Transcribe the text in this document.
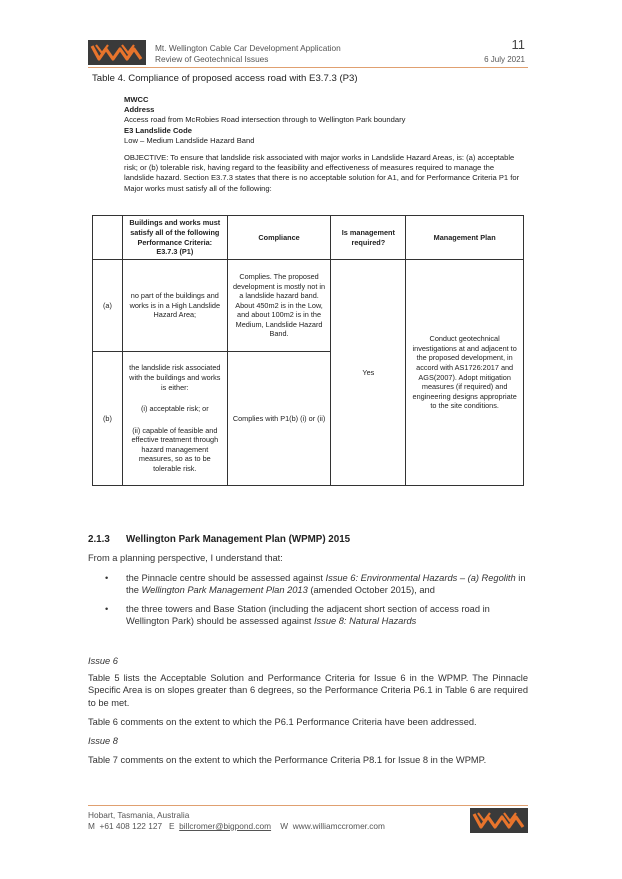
Mt. Wellington Cable Car Development Application
Review of Geotechnical Issues
11
6 July 2021
Table 4. Compliance of proposed access road with E3.7.3 (P3)
MWCC
Address
Access road from McRobies Road intersection through to Wellington Park boundary
E3 Landslide Code
Low – Medium Landslide Hazard Band
OBJECTIVE: To ensure that landslide risk associated with major works in Landslide Hazard Areas, is: (a) acceptable risk; or (b) tolerable risk, having regard to the feasibility and effectiveness of measures required to manage the landslide hazard. Section E3.7.3 states that there is no acceptable solution for A1, and for Performance Criteria P1 for Major works must satisfy all of the following:
	Buildings and works must satisfy all of the following Performance Criteria: E3.7.3 (P1)	Compliance	Is management required?	Management Plan
(a)	no part of the buildings and works is in a High Landslide Hazard Area;	Complies. The proposed development is mostly not in a landslide hazard band. About 450m2 is in the Low, and about 100m2 is in the Medium, Landslide Hazard Band.	Yes	Conduct geotechnical investigations at and adjacent to the proposed development, in accord with AS1726:2017 and AGS(2007). Adopt mitigation measures (if required) and engineering designs appropriate to the site conditions.
(b)	the landslide risk associated with the buildings and works is either:
(i) acceptable risk; or
(ii) capable of feasible and effective treatment through hazard management measures, so as to be tolerable risk.	Complies with P1(b) (i) or (ii)		
2.1.3 Wellington Park Management Plan (WPMP) 2015
From a planning perspective, I understand that:
• the Pinnacle centre should be assessed against Issue 6: Environmental Hazards – (a) Regolith in the Wellington Park Management Plan 2013 (amended October 2015), and
• the three towers and Base Station (including the adjacent short section of access road in Wellington Park) should be assessed against Issue 8: Natural Hazards
Issue 6
Table 5 lists the Acceptable Solution and Performance Criteria for Issue 6 in the WPMP. The Pinnacle Specific Area is on slopes greater than 6 degrees, so the Performance Criteria P6.1 in Table 6 are required to be met.
Table 6 comments on the extent to which the P6.1 Performance Criteria have been addressed.
Issue 8
Table 7 comments on the extent to which the Performance Criteria P8.1 for Issue 8 in the WPMP.
Hobart, Tasmania, Australia
M +61 408 122 127 E billcromer@bigpond.com W www.williamccromer.com
